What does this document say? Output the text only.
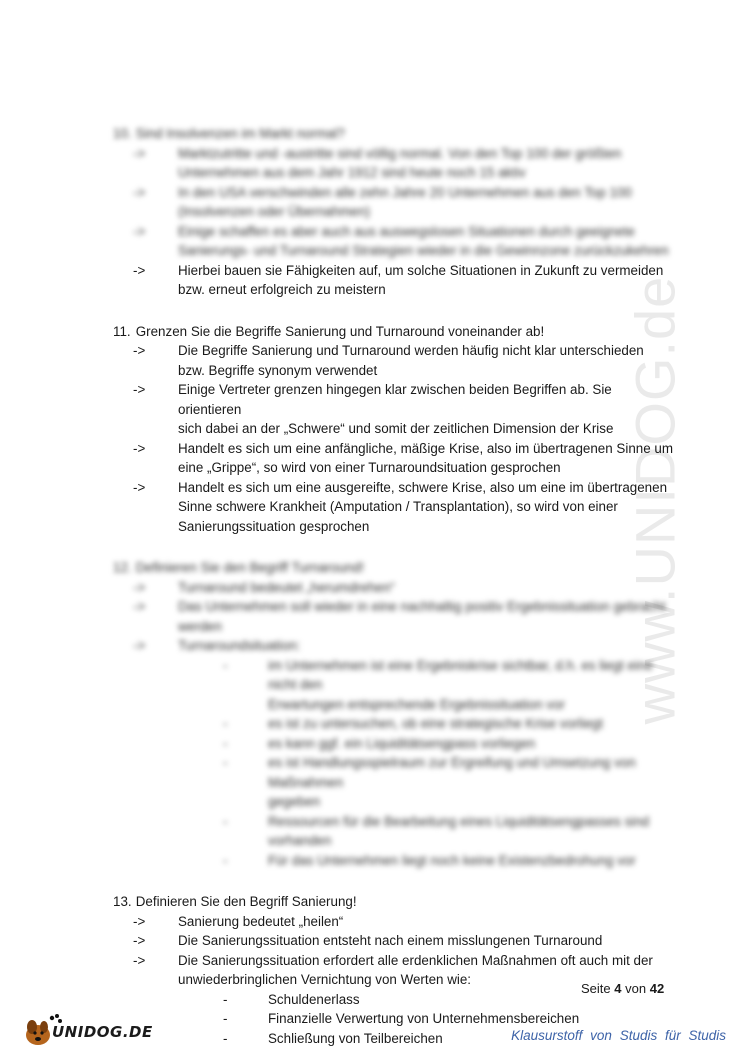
www.UNIDOG.de

10. Sind Insolvenzen im Markt normal?

-> Marktzutritte und -austritte sind völlig normal. Von den Top 100 der größten
Unternehmen aus dem Jahr 1912 sind heute noch 15 aktiv
-> In den USA verschwinden alle zehn Jahre 20 Unternehmen aus den Top 100
(Insolvenzen oder Übernahmen)
-> Einige schaffen es aber auch aus auswegslosen Situationen durch geeignete
Sanierungs- und Turnaround Strategien wieder in die Gewinnzone zurückzukehren
-> Hierbei bauen sie Fähigkeiten auf, um solche Situationen in Zukunft zu vermeiden
bzw. erneut erfolgreich zu meistern

11. Grenzen Sie die Begriffe Sanierung und Turnaround voneinander ab!

-> Die Begriffe Sanierung und Turnaround werden häufig nicht klar unterschieden
bzw. Begriffe synonym verwendet
-> Einige Vertreter grenzen hingegen klar zwischen beiden Begriffen ab. Sie orientieren
sich dabei an der „Schwere“ und somit der zeitlichen Dimension der Krise
-> Handelt es sich um eine anfängliche, mäßige Krise, also im übertragenen Sinne um
eine „Grippe“, so wird von einer Turnaroundsituation gesprochen
-> Handelt es sich um eine ausgereifte, schwere Krise, also um eine im übertragenen
Sinne schwere Krankheit (Amputation / Transplantation), so wird von einer
Sanierungssituation gesprochen

12. Definieren Sie den Begriff Turnaround!

-> Turnaround bedeutet „herumdrehen“
-> Das Unternehmen soll wieder in eine nachhaltig positiv Ergebnissituation gebracht
werden
-> Turnaroundsituation:
-	im Unternehmen ist eine Ergebniskrise sichtbar, d.h. es liegt eine nicht den
Erwartungen entsprechende Ergebnissituation vor
-	es ist zu untersuchen, ob eine strategische Krise vorliegt
-	es kann ggf. ein Liquiditätsengpass vorliegen
-	es ist Handlungsspielraum zur Ergreifung und Umsetzung von Maßnahmen
gegeben
-	Ressourcen für die Bearbeitung eines Liquiditätsengpasses sind vorhanden
-	Für das Unternehmen liegt noch keine Existenzbedrohung vor

13. Definieren Sie den Begriff Sanierung!

-> Sanierung bedeutet „heilen“
-> Die Sanierungssituation entsteht nach einem misslungenen Turnaround
-> Die Sanierungssituation erfordert alle erdenklichen Maßnahmen oft auch mit der
unwiederbringlichen Vernichtung von Werten wie:
-	Schuldenerlass
-	Finanzielle Verwertung von Unternehmensbereichen
-	Schließung von Teilbereichen
Seite 4 von 42
UNIDOG.DE	Klausurstoff von Studis für Studis
